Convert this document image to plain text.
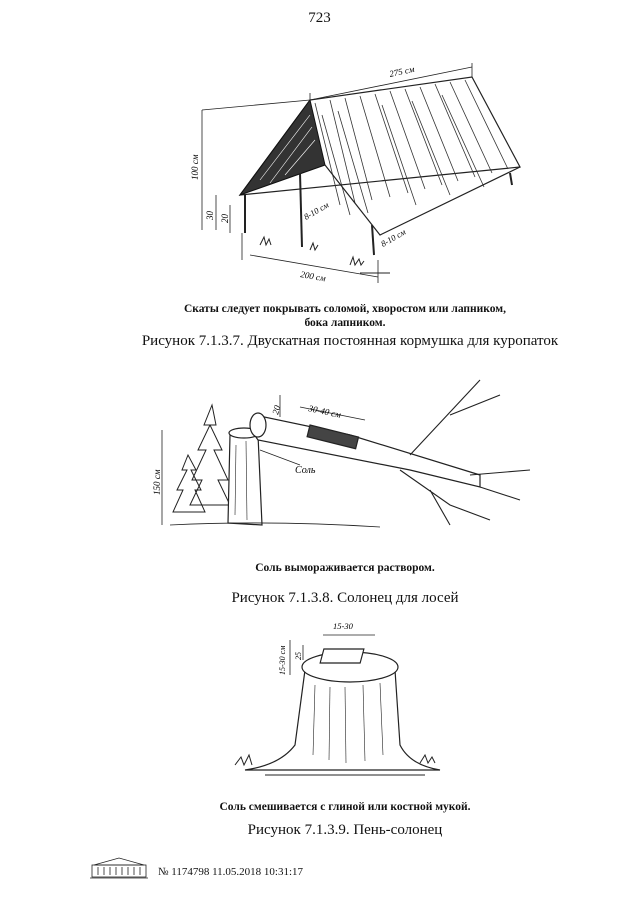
723
275 см
100 см
30 20	8-10 см
8-10 см
200 см
Скаты следует покрывать соломой, хворостом или лапником,
бока лапником.
Рисунок 7.1.3.7. Двускатная постоянная кормушка для куропаток
20	30-40 см
150 см	Соль
Соль вымораживается раствором.
Рисунок 7.1.3.8. Солонец для лосей
15-30
25
15-30 см
Соль смешивается с глиной или костной мукой.
Рисунок 7.1.3.9. Пень-солонец
№ 1174798 11.05.2018 10:31:17
